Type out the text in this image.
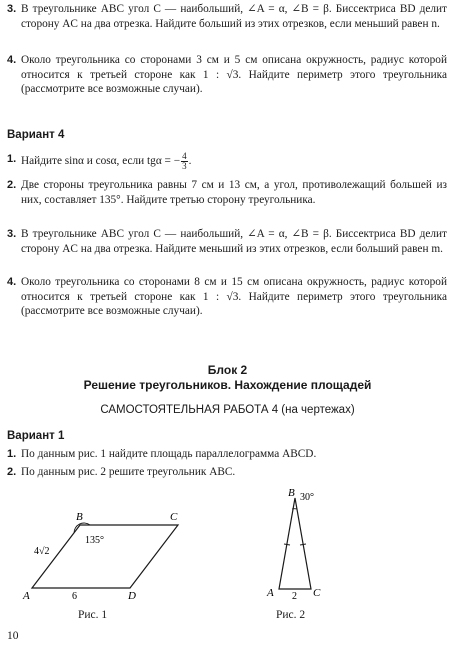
3. В треугольнике ABC угол C — наибольший, ∠A = α, ∠B = β. Биссектриса BD делит сторону AC на два отрезка. Найдите больший из этих отрезков, если меньший равен n.
4. Около треугольника со сторонами 3 см и 5 см описана окружность, радиус которой относится к третьей стороне как 1 : √3. Найдите периметр этого треугольника (рассмотрите все возможные случаи).
Вариант 4
1. Найдите sinα и cosα, если tgα = − $\frac{4}{3}$ .
2. Две стороны треугольника равны 7 см и 13 см, а угол, противолежащий большей из них, составляет 135°. Найдите третью сторону треугольника.
3. В треугольнике ABC угол C — наибольший, ∠A = α, ∠B = β. Биссектриса BD делит сторону AC на два отрезка. Найдите меньший из этих отрезков, если больший равен m.
4. Около треугольника со сторонами 8 см и 15 см описана окружность, радиус которой относится к третьей стороне как 1 : √3. Найдите периметр этого треугольника (рассмотрите все возможные случаи).
Блок 2
Решение треугольников. Нахождение площадей
САМОСТОЯТЕЛЬНАЯ РАБОТА 4 (на чертежах)
Вариант 1
1. По данным рис. 1 найдите площадь параллелограмма ABCD.
2. По данным рис. 2 решите треугольник ABC.
A
B	C
D
135°
4√2
6
Рис. 1
B 30°
A	C
2
Рис. 2
10
